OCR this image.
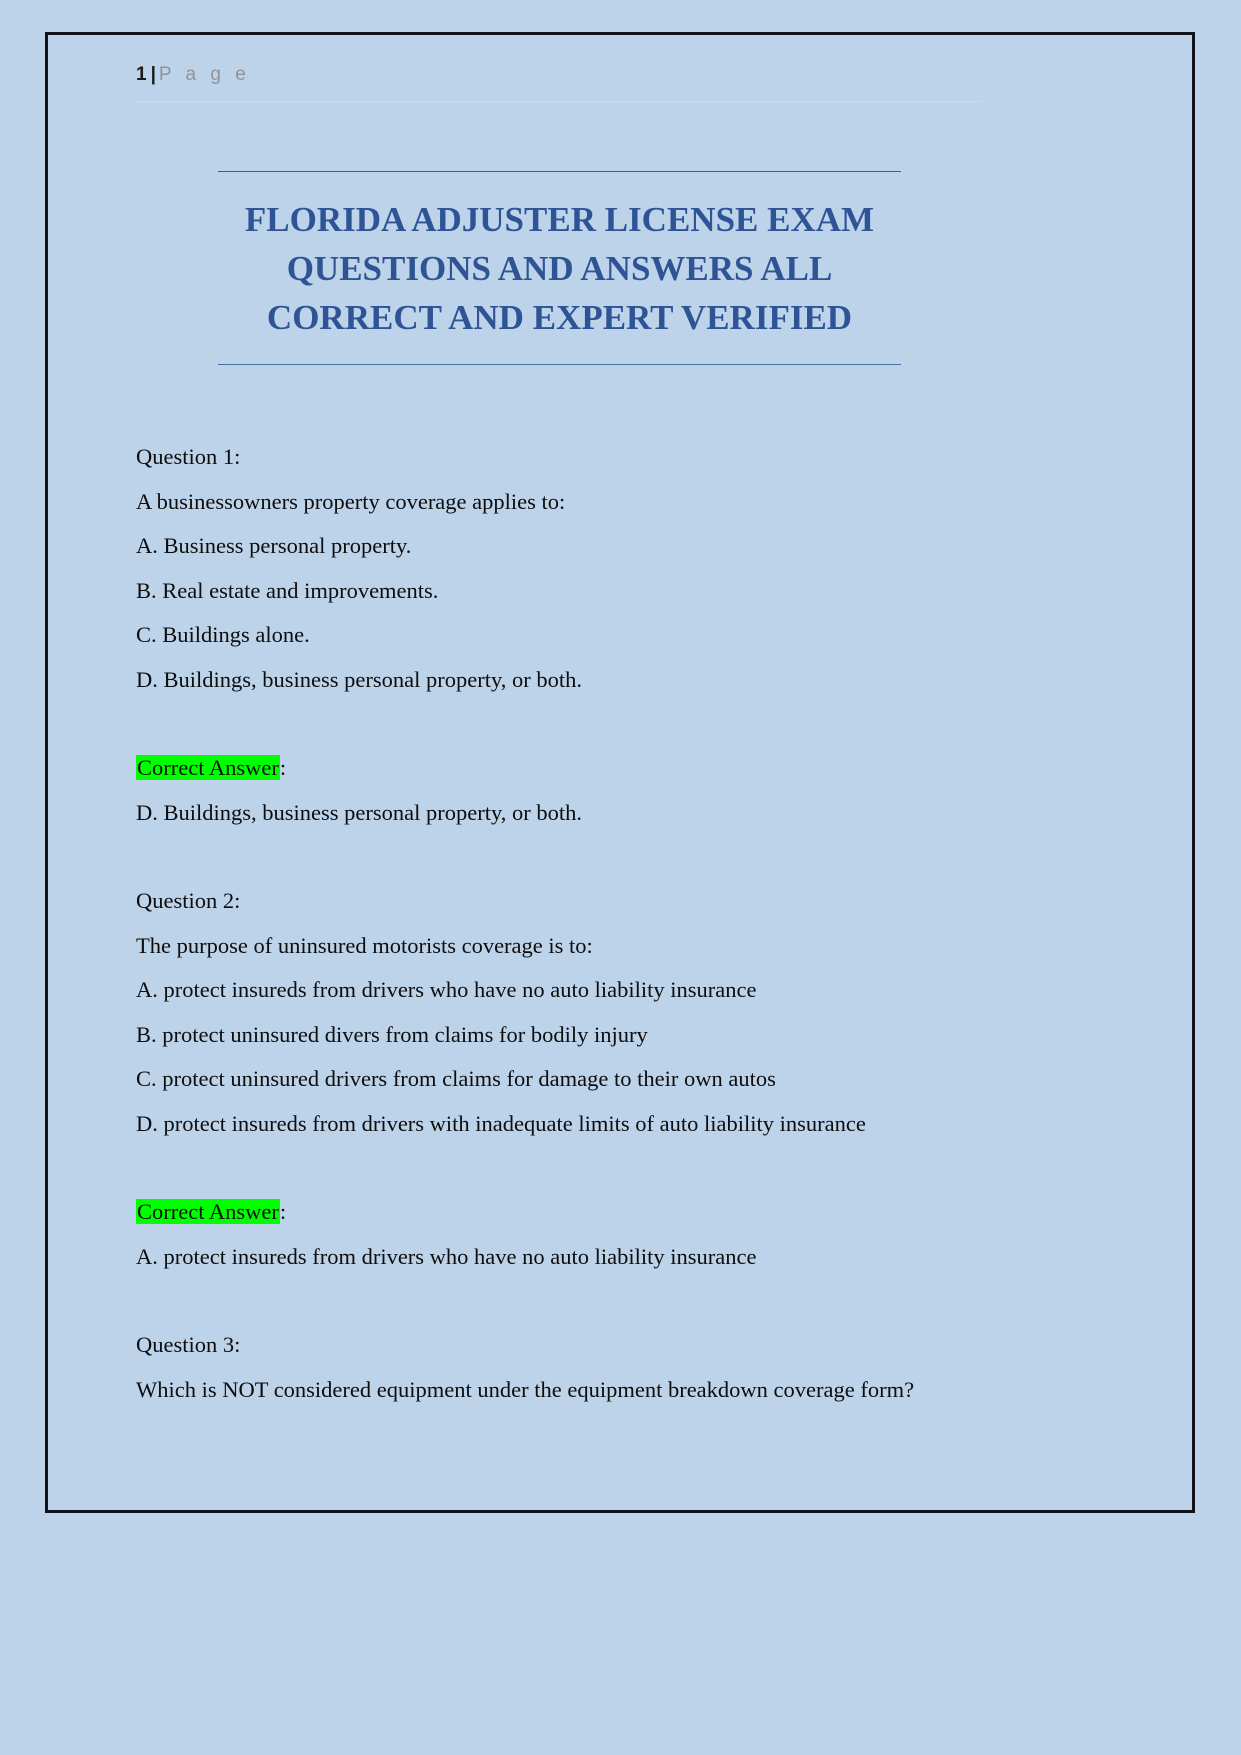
1 | P a g e
FLORIDA ADJUSTER LICENSE EXAM
QUESTIONS AND ANSWERS ALL
CORRECT AND EXPERT VERIFIED

Question 1:

A businessowners property coverage applies to:

A. Business personal property.

B. Real estate and improvements.

C. Buildings alone.

D. Buildings, business personal property, or both.

Correct Answer:

D. Buildings, business personal property, or both.

Question 2:

The purpose of uninsured motorists coverage is to:

A. protect insureds from drivers who have no auto liability insurance

B. protect uninsured divers from claims for bodily injury

C. protect uninsured drivers from claims for damage to their own autos

D. protect insureds from drivers with inadequate limits of auto liability insurance

Correct Answer:

A. protect insureds from drivers who have no auto liability insurance

Question 3:

Which is NOT considered equipment under the equipment breakdown coverage form?
